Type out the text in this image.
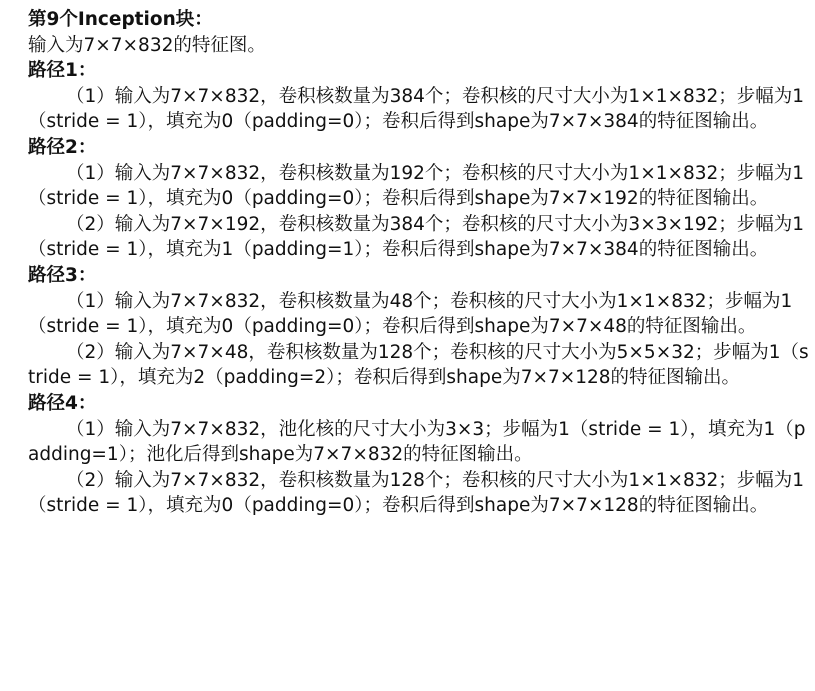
第9个Inception块：

输入为7×7×832的特征图。

路径1：

（1）输入为7×7×832，卷积核数量为384个；卷积核的尺寸大小为1×1×832；步幅为1（stride = 1），填充为0（padding=0）；卷积后得到shape为7×7×384的特征图输出。

路径2：

（1）输入为7×7×832，卷积核数量为192个；卷积核的尺寸大小为1×1×832；步幅为1（stride = 1），填充为0（padding=0）；卷积后得到shape为7×7×192的特征图输出。

（2）输入为7×7×192，卷积核数量为384个；卷积核的尺寸大小为3×3×192；步幅为1（stride = 1），填充为1（padding=1）；卷积后得到shape为7×7×384的特征图输出。

路径3：

（1）输入为7×7×832，卷积核数量为48个；卷积核的尺寸大小为1×1×832；步幅为1（stride = 1），填充为0（padding=0）；卷积后得到shape为7×7×48的特征图输出。

（2）输入为7×7×48，卷积核数量为128个；卷积核的尺寸大小为5×5×32；步幅为1（stride = 1），填充为2（padding=2）；卷积后得到shape为7×7×128的特征图输出。

路径4：

（1）输入为7×7×832，池化核的尺寸大小为3×3；步幅为1（stride = 1），填充为1（padding=1）；池化后得到shape为7×7×832的特征图输出。

（2）输入为7×7×832，卷积核数量为128个；卷积核的尺寸大小为1×1×832；步幅为1（stride = 1），填充为0（padding=0）；卷积后得到shape为7×7×128的特征图输出。
